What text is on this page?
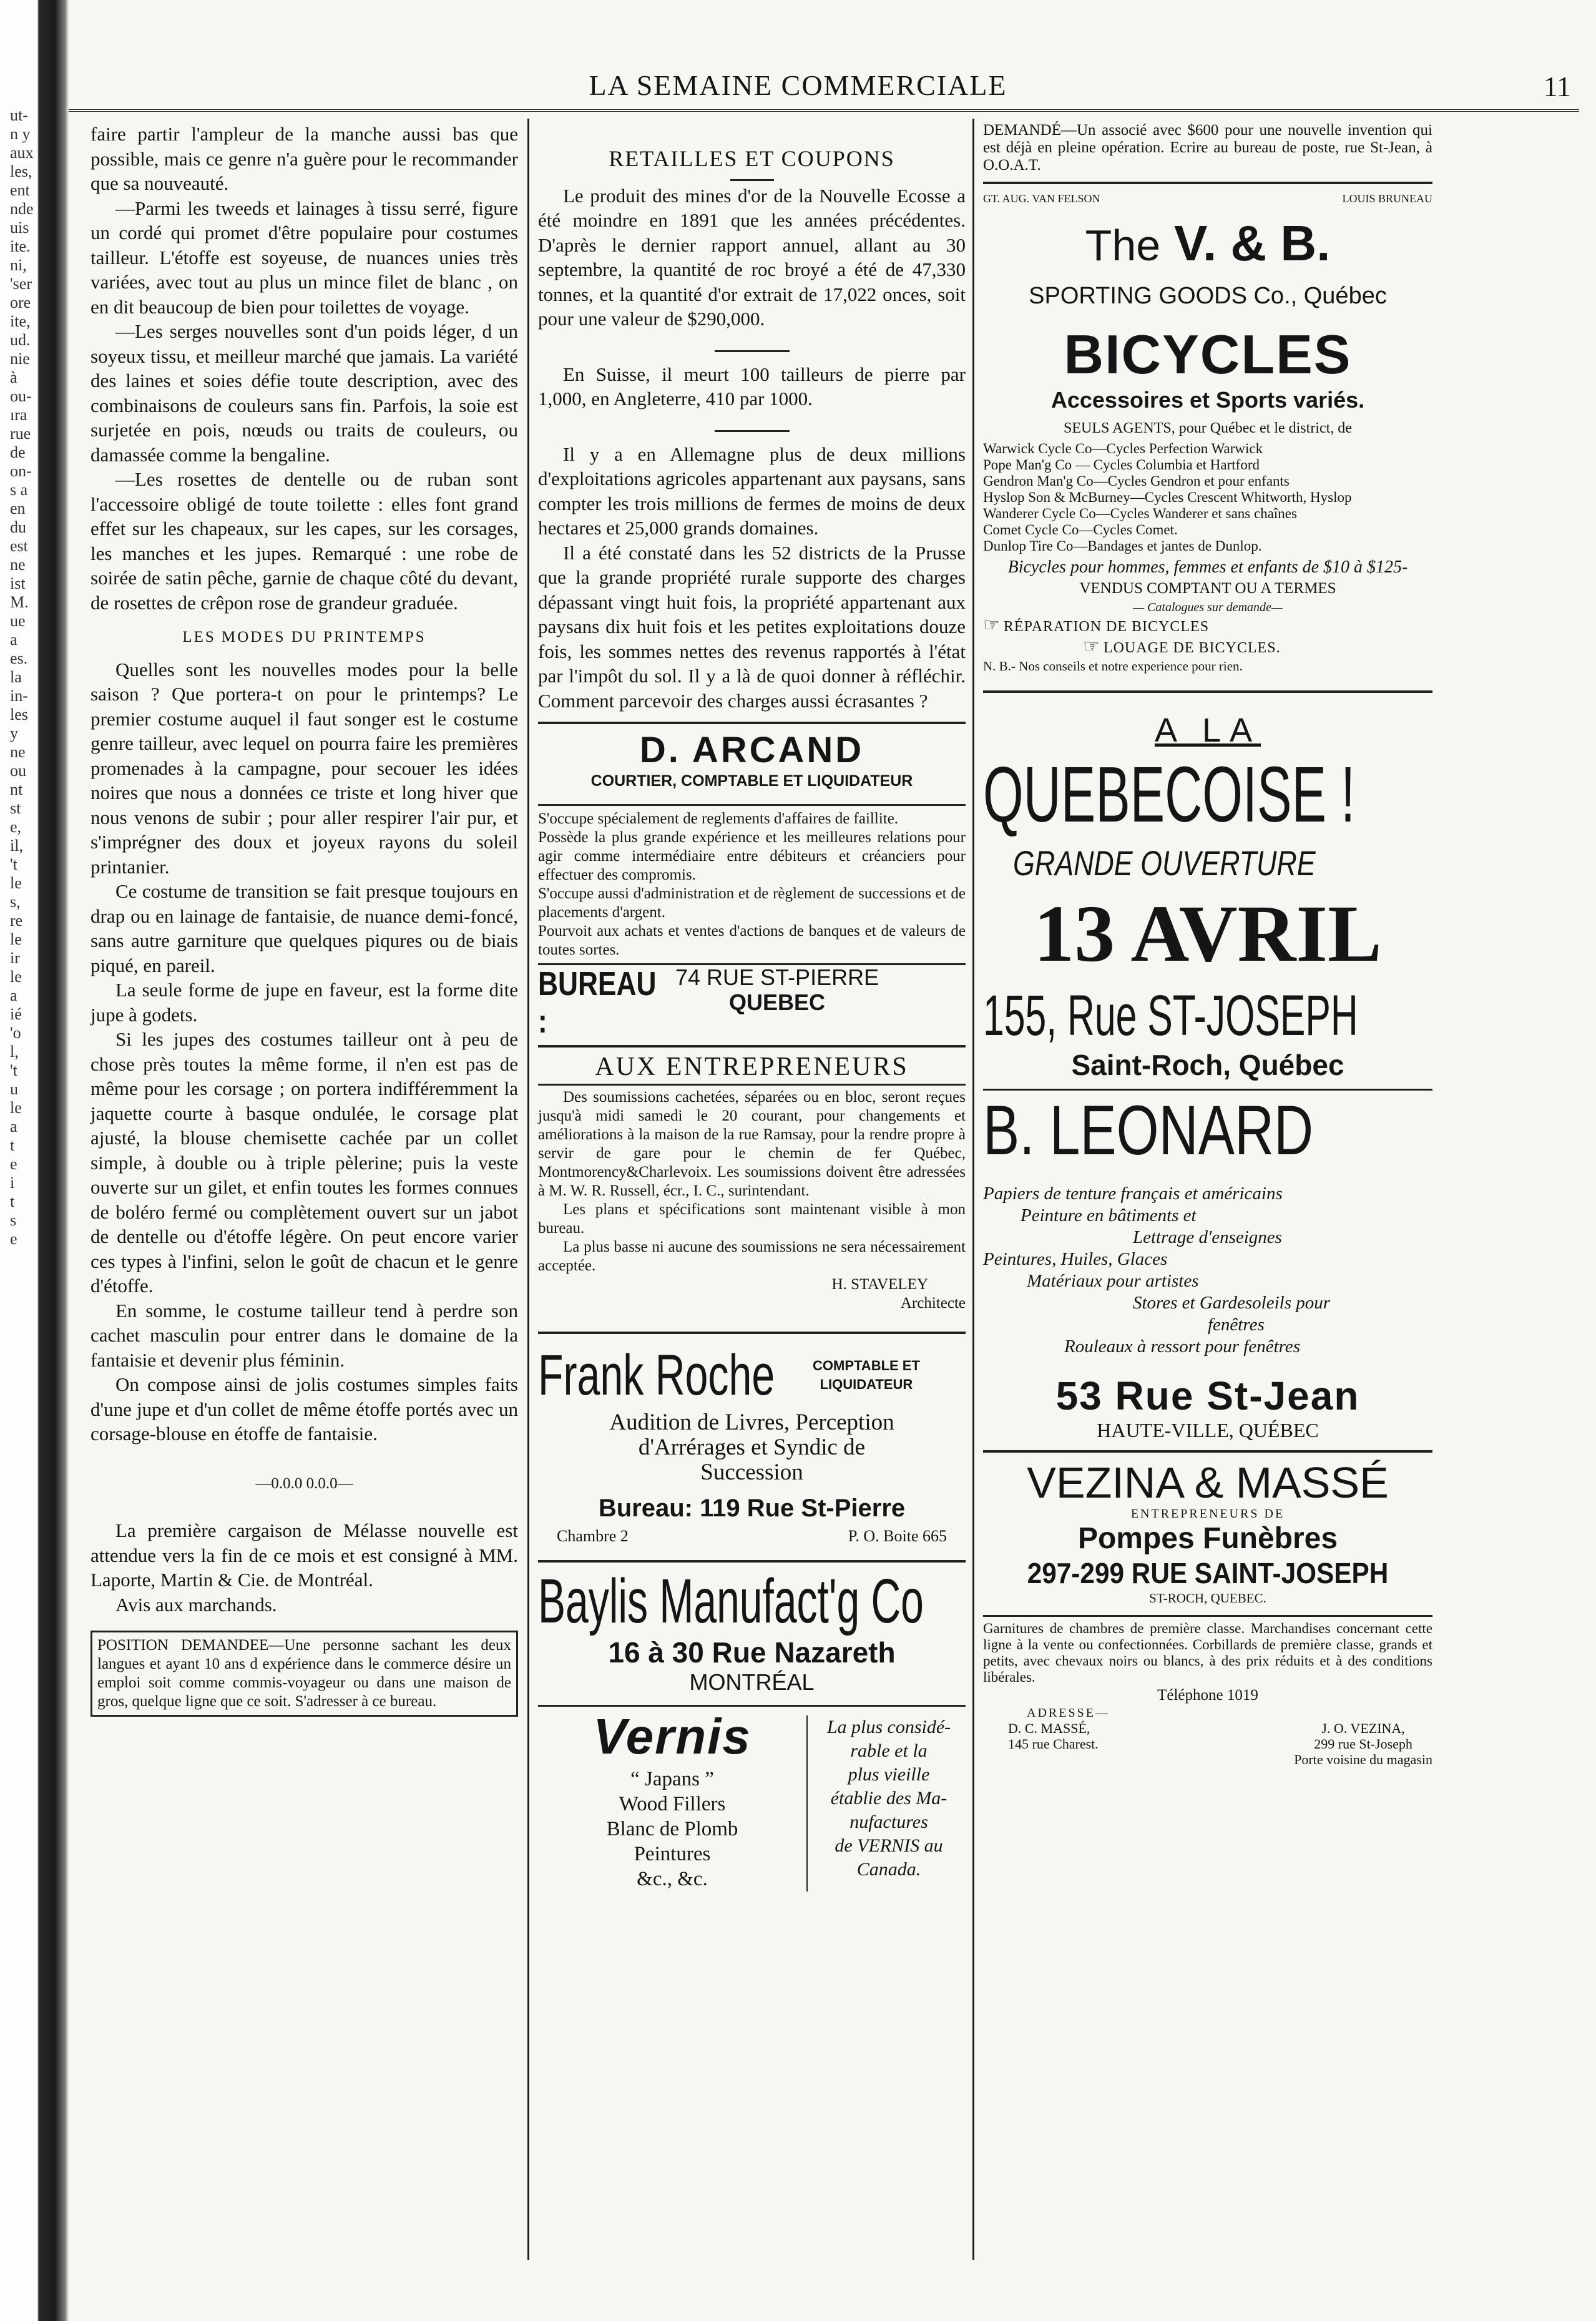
ut-
n y
aux
les,
ent
nde
uis
ite.
ni,
'ser
ore
ite,
ud.
nie
à
ou-
ıra
rue
de
on-
s a
en
du
est
ne
ist
M.
ue
a
es.
la
in-
les
y
ne
ou
nt
st
e,
il,
't
le
s,
re
le
ir
le
a
ié
'o
l,
't
u
le
a
t
e
i
t
s
e
LA SEMAINE COMMERCIALE	11

faire partir l'ampleur de la manche aussi bas que possible, mais ce genre n'a guère pour le recommander que sa nouveauté.

—Parmi les tweeds et lainages à tissu serré, figure un cordé qui promet d'être populaire pour costumes tailleur. L'étoffe est soyeuse, de nuances unies très variées, avec tout au plus un mince filet de blanc , on en dit beaucoup de bien pour toilettes de voyage.

—Les serges nouvelles sont d'un poids léger, d un soyeux tissu, et meilleur marché que jamais. La variété des laines et soies défie toute description, avec des combinaisons de couleurs sans fin. Parfois, la soie est surjetée en pois, nœuds ou traits de couleurs, ou damassée comme la bengaline.

—Les rosettes de dentelle ou de ruban sont l'accessoire obligé de toute toilette : elles font grand effet sur les chapeaux, sur les capes, sur les corsages, les manches et les jupes. Remarqué : une robe de soirée de satin pêche, garnie de chaque côté du devant, de rosettes de crêpon rose de grandeur graduée.

LES MODES DU PRINTEMPS

Quelles sont les nouvelles modes pour la belle saison ? Que portera-t on pour le printemps? Le premier costume auquel il faut songer est le costume genre tailleur, avec lequel on pourra faire les premières promenades à la campagne, pour secouer les idées noires que nous a données ce triste et long hiver que nous venons de subir ; pour aller respirer l'air pur, et s'imprégner des doux et joyeux rayons du soleil printanier.

Ce costume de transition se fait presque toujours en drap ou en lainage de fantaisie, de nuance demi-foncé, sans autre garniture que quelques piqures ou de biais piqué, en pareil.

La seule forme de jupe en faveur, est la forme dite jupe à godets.

Si les jupes des costumes tailleur ont à peu de chose près toutes la même forme, il n'en est pas de même pour les corsage ; on portera indifféremment la jaquette courte à basque ondulée, le corsage plat ajusté, la blouse chemisette cachée par un collet simple, à double ou à triple pèlerine; puis la veste ouverte sur un gilet, et enfin toutes les formes connues de boléro fermé ou complètement ouvert sur un jabot de dentelle ou d'étoffe légère. On peut encore varier ces types à l'infini, selon le goût de chacun et le genre d'étoffe.

En somme, le costume tailleur tend à perdre son cachet masculin pour entrer dans le domaine de la fantaisie et devenir plus féminin.

On compose ainsi de jolis costumes simples faits d'une jupe et d'un collet de même étoffe portés avec un corsage-blouse en étoffe de fantaisie.

—0.0.0 0.0.0—

La première cargaison de Mélasse nouvelle est attendue vers la fin de ce mois et est consigné à MM. Laporte, Martin & Cie. de Montréal.

Avis aux marchands.

POSITION DEMANDEE—Une personne sachant les deux langues et ayant 10 ans d expérience dans le commerce désire un emploi soit comme commis-voyageur ou dans une maison de gros, quelque ligne que ce soit. S'adresser à ce bureau.
RETAILLES ET COUPONS

Le produit des mines d'or de la Nouvelle Ecosse a été moindre en 1891 que les années précédentes. D'après le dernier rapport annuel, allant au 30 septembre, la quantité de roc broyé a été de 47,330 tonnes, et la quantité d'or extrait de 17,022 onces, soit pour une valeur de $290,000.

En Suisse, il meurt 100 tailleurs de pierre par 1,000, en Angleterre, 410 par 1000.

Il y a en Allemagne plus de deux millions d'exploitations agricoles appartenant aux paysans, sans compter les trois millions de fermes de moins de deux hectares et 25,000 grands domaines.

Il a été constaté dans les 52 districts de la Prusse que la grande propriété rurale supporte des charges dépassant vingt huit fois, la propriété appartenant aux paysans dix huit fois et les petites exploitations douze fois, les sommes nettes des revenus rapportés à l'état par l'impôt du sol. Il y a là de quoi donner à réfléchir. Comment parcevoir des charges aussi écrasantes ?

D. ARCAND
COURTIER, COMPTABLE ET LIQUIDATEUR
S'occupe spécialement de reglements d'affaires de faillite.
Possède la plus grande expérience et les meilleures relations pour agir comme intermédiaire entre débiteurs et créanciers pour effectuer des compromis.
S'occupe aussi d'administration et de règlement de successions et de placements d'argent.
Pourvoit aux achats et ventes d'actions de banques et de valeurs de toutes sortes.
BUREAU :
74 RUE ST-PIERRE
QUEBEC
AUX ENTREPRENEURS

Des soumissions cachetées, séparées ou en bloc, seront reçues jusqu'à midi samedi le 20 courant, pour changements et améliorations à la maison de la rue Ramsay, pour la rendre propre à servir de gare pour le chemin de fer Québec, Montmorency&Charlevoix. Les soumissions doivent être adressées à M. W. R. Russell, écr., I. C., surintendant.

Les plans et spécifications sont maintenant visible à mon bureau.

La plus basse ni aucune des soumissions ne sera nécessairement acceptée.

H. STAVELEY
Architecte
Frank Roche	COMPTABLE ET
LIQUIDATEUR
Audition de Livres, Perception
d'Arrérages et Syndic de
Succession
Bureau: 119 Rue St-Pierre
Chambre 2	P. O. Boite 665
Baylis Manufact'g Co
16 à 30 Rue Nazareth
MONTRÉAL
Vernis
“ Japans ”
Wood Fillers
Blanc de Plomb
Peintures
&c., &c.
La plus considé-
rable et la
plus vieille
établie des Ma-
nufactures
de VERNIS au
Canada.
DEMANDÉ—Un associé avec $600 pour une nouvelle invention qui est déjà en pleine opération. Ecrire au bureau de poste, rue St-Jean, à O.O.A.T.
GT. AUG. VAN FELSON	LOUIS BRUNEAU
The V. & B.
SPORTING GOODS Co., Québec
BICYCLES
Accessoires et Sports variés.
SEULS AGENTS, pour Québec et le district, de
Warwick Cycle Co—Cycles Perfection Warwick
Pope Man'g Co — Cycles Columbia et Hartford
Gendron Man'g Co—Cycles Gendron et pour enfants
Hyslop Son & McBurney—Cycles Crescent Whitworth, Hyslop
Wanderer Cycle Co—Cycles Wanderer et sans chaînes
Comet Cycle Co—Cycles Comet.
Dunlop Tire Co—Bandages et jantes de Dunlop.
Bicycles pour hommes, femmes et enfants de $10 à $125-
VENDUS COMPTANT OU A TERMES
— Catalogues sur demande—
☞ RÉPARATION DE BICYCLES
☞ LOUAGE DE BICYCLES.
N. B.- Nos conseils et notre experience pour rien.
A LA
QUEBECOISE !
GRANDE OUVERTURE
13 AVRIL
155, Rue ST-JOSEPH
Saint-Roch, Québec
B. LEONARD
Papiers de tenture français et américains
Peinture en bâtiments et
Lettrage d'enseignes
Peintures, Huiles, Glaces
Matériaux pour artistes
Stores et Gardesoleils pour
fenêtres
Rouleaux à ressort pour fenêtres
53 Rue St-Jean
HAUTE-VILLE, QUÉBEC
VEZINA & MASSÉ
ENTREPRENEURS DE
Pompes Funèbres
297-299 RUE SAINT-JOSEPH
ST-ROCH, QUEBEC.
Garnitures de chambres de première classe. Marchandises concernant cette ligne à la vente ou confectionnées. Corbillards de première classe, grands et petits, avec chevaux noirs ou blancs, à des prix réduits et à des conditions libérales.
Téléphone 1019
ADRESSE—
D. C. MASSÉ,
145 rue Charest.
J. O. VEZINA,
299 rue St-Joseph
Porte voisine du magasin
